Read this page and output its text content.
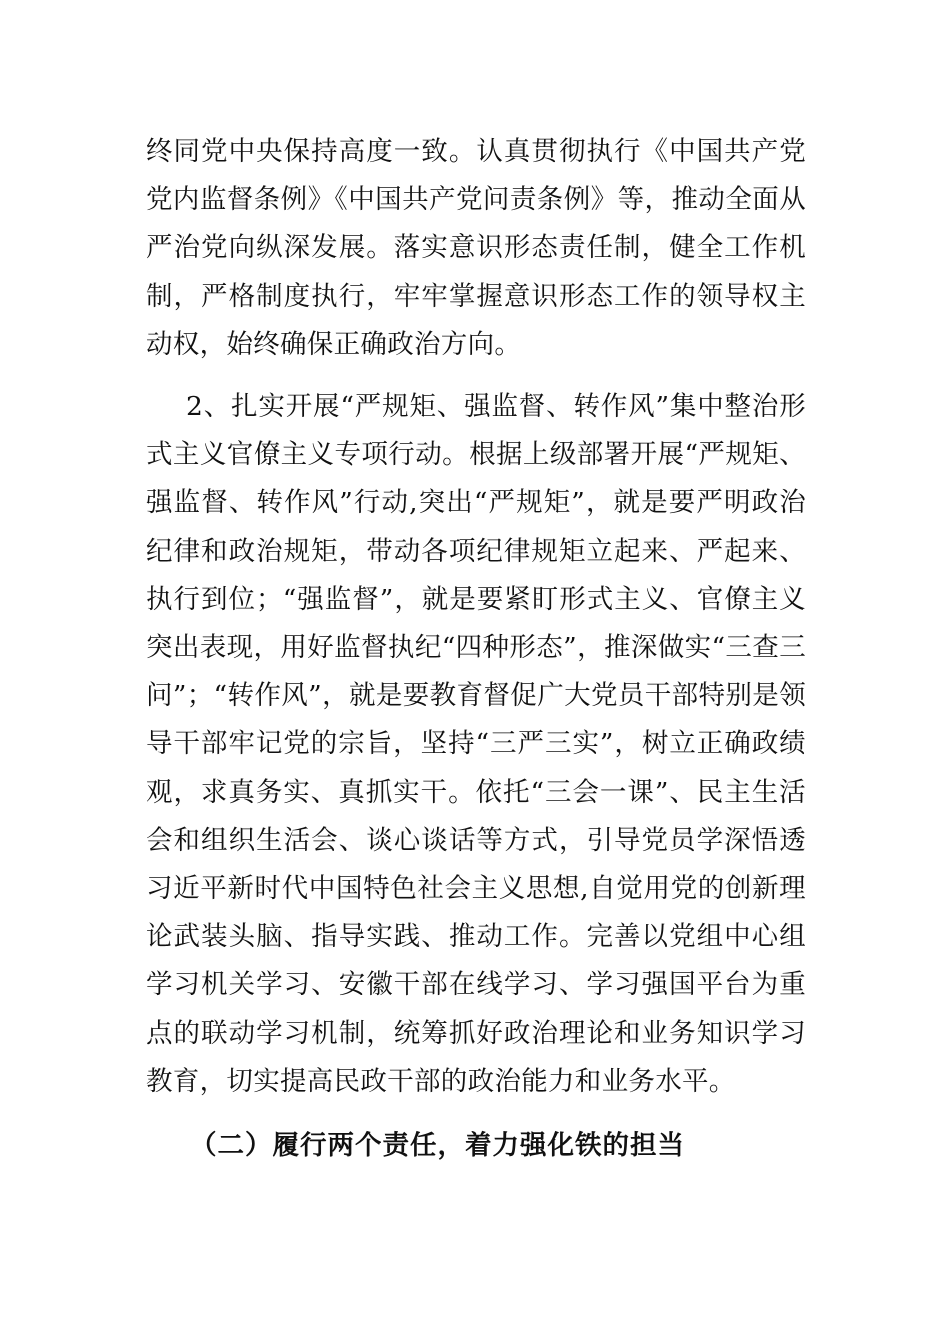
终同党中央保持高度一致。认真贯彻执行《中国共产党党内监督条例》《中国共产党问责条例》等，推动全面从严治党向纵深发展。落实意识形态责任制，健全工作机制，严格制度执行，牢牢掌握意识形态工作的领导权主动权，始终确保正确政治方向。

2、扎实开展“严规矩、强监督、转作风”集中整治形式主义官僚主义专项行动。根据上级部署开展“严规矩、强监督、转作风”行动,突出“严规矩”，就是要严明政治纪律和政治规矩，带动各项纪律规矩立起来、严起来、执行到位；“强监督”，就是要紧盯形式主义、官僚主义突出表现，用好监督执纪“四种形态”，推深做实“三查三问”；“转作风”，就是要教育督促广大党员干部特别是领导干部牢记党的宗旨，坚持“三严三实”，树立正确政绩观，求真务实、真抓实干。依托“三会一课”、民主生活会和组织生活会、谈心谈话等方式，引导党员学深悟透习近平新时代中国特色社会主义思想,自觉用党的创新理论武装头脑、指导实践、推动工作。完善以党组中心组学习机关学习、安徽干部在线学习、学习强国平台为重点的联动学习机制，统筹抓好政治理论和业务知识学习教育，切实提高民政干部的政治能力和业务水平。

（二）履行两个责任，着力强化铁的担当
